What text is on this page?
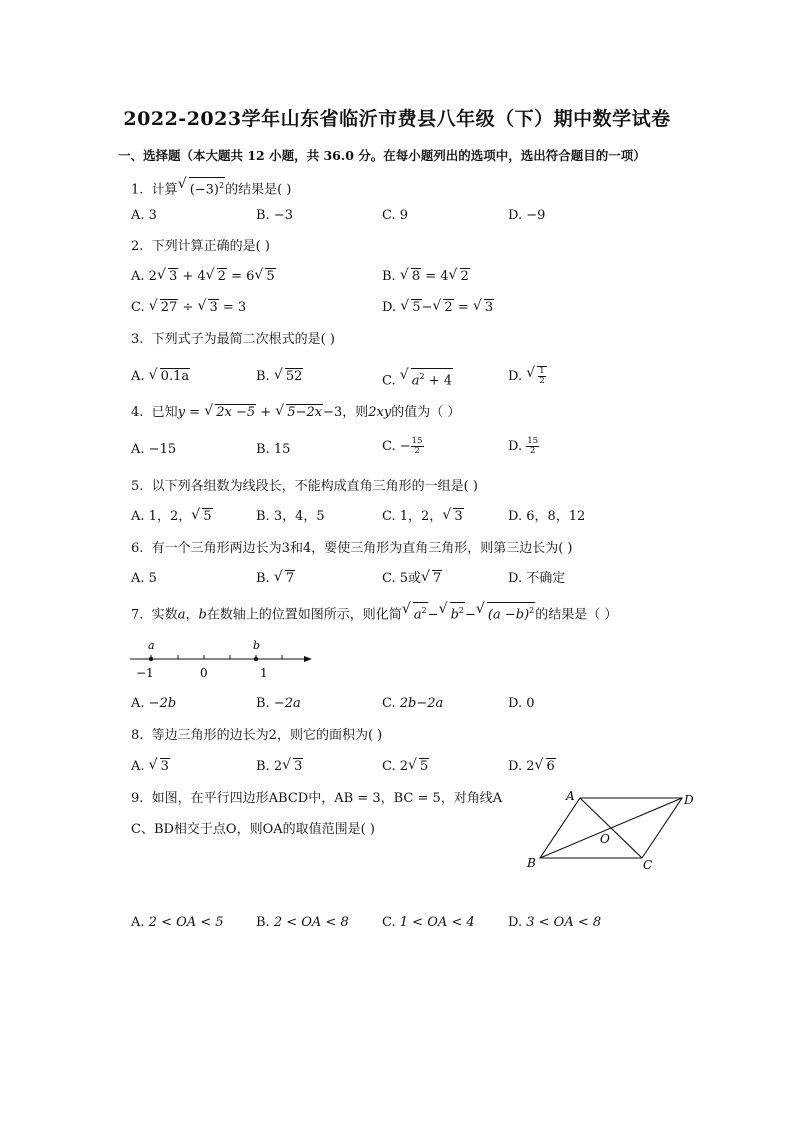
2022-2023学年山东省临沂市费县八年级（下）期中数学试卷
一、选择题（本大题共 12 小题，共 36.0 分。在每小题列出的选项中，选出符合题目的一项）
1. 计算√ $(-3)^2$的结果是( )
A. 3	B. −3	C. 9	D. −9
2. 下列计算正确的是( )
A. 2√ 3 + 4√ 2 = 6√ 5	B. √ 8 = 4√ 2
C. √ 27 ÷ √ 3 = 3	D. √ 5−√ 2 = √ 3
3. 下列式子为最简二次根式的是( )
A. √ 0.1a	B. √ 52	C. √ $a^2 + 4$	D.
√ $\frac{1}{2}$
4. 已知y = √ 2x −5 + √ 5−2x−3，则2xy的值为（ ）
A. −15	B. 15	C. − $\frac{15}{2}$	D. $\frac{15}{2}$
5. 以下列各组数为线段长，不能构成直角三角形的一组是( )
A. 1，2，√ 5	B. 3，4，5	C. 1，2，√ 3	D. 6，8，12
6. 有一个三角形两边长为3和4，要使三角形为直角三角形，则第三边长为( )
A. 5	B. √ 7	C. 5或√ 7	D. 不确定
7. 实数a，b在数轴上的位置如图所示，则化简√ $a^2-√$ $b^2-√$ $(a -b)^2$的结果是（ ）
a	b
−1	0	1
A. −2b	B. −2a	C. 2b−2a	D. 0
8. 等边三角形的边长为2，则它的面积为( )
A. √ 3	B. 2√ 3	C. 2√ 5	D. 2√ 6
9. 如图，在平行四边形ABCD中，AB = 3，BC = 5，对角线A
C、BD相交于点O，则OA的取值范围是( )
A	D
B	C
O
A. 2 < OA < 5 B. 2 < OA < 8	C. 1 < OA < 4	D. 3 < OA < 8
